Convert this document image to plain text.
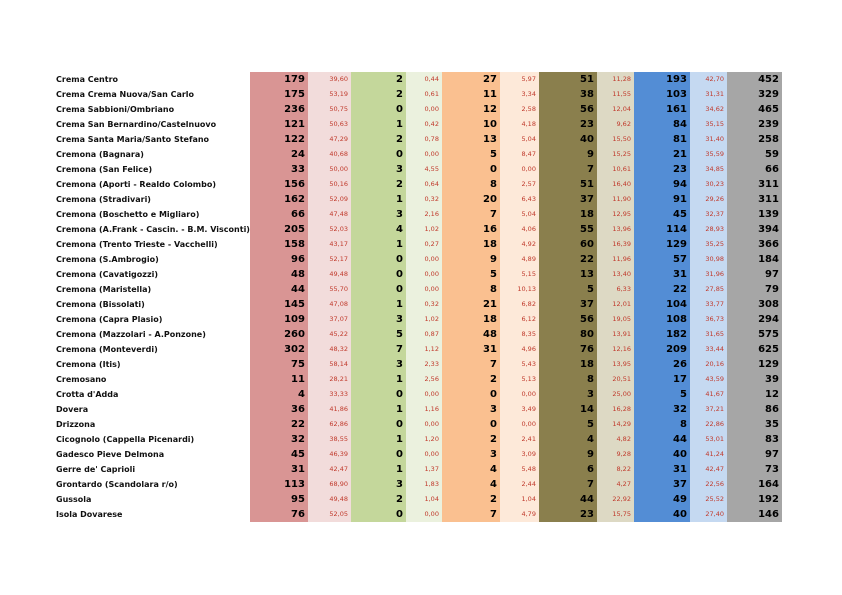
Crema Centro	179	39,60	2	0,44	27	5,97	51	11,28	193	42,70	452
Crema Crema Nuova/San Carlo	175	53,19	2	0,61	11	3,34	38	11,55	103	31,31	329
Crema Sabbioni/Ombriano	236	50,75	0	0,00	12	2,58	56	12,04	161	34,62	465
Crema San Bernardino/Castelnuovo	121	50,63	1	0,42	10	4,18	23	9,62	84	35,15	239
Crema Santa Maria/Santo Stefano	122	47,29	2	0,78	13	5,04	40	15,50	81	31,40	258
Cremona (Bagnara)	24	40,68	0	0,00	5	8,47	9	15,25	21	35,59	59
Cremona (San Felice)	33	50,00	3	4,55	0	0,00	7	10,61	23	34,85	66
Cremona (Aporti - Realdo Colombo)	156	50,16	2	0,64	8	2,57	51	16,40	94	30,23	311
Cremona (Stradivari)	162	52,09	1	0,32	20	6,43	37	11,90	91	29,26	311
Cremona (Boschetto e Migliaro)	66	47,48	3	2,16	7	5,04	18	12,95	45	32,37	139
Cremona (A.Frank - Cascin. - B.M. Visconti)	205	52,03	4	1,02	16	4,06	55	13,96	114	28,93	394
Cremona (Trento Trieste - Vacchelli)	158	43,17	1	0,27	18	4,92	60	16,39	129	35,25	366
Cremona (S.Ambrogio)	96	52,17	0	0,00	9	4,89	22	11,96	57	30,98	184
Cremona (Cavatigozzi)	48	49,48	0	0,00	5	5,15	13	13,40	31	31,96	97
Cremona (Maristella)	44	55,70	0	0,00	8	10,13	5	6,33	22	27,85	79
Cremona (Bissolati)	145	47,08	1	0,32	21	6,82	37	12,01	104	33,77	308
Cremona (Capra Plasio)	109	37,07	3	1,02	18	6,12	56	19,05	108	36,73	294
Cremona (Mazzolari - A.Ponzone)	260	45,22	5	0,87	48	8,35	80	13,91	182	31,65	575
Cremona (Monteverdi)	302	48,32	7	1,12	31	4,96	76	12,16	209	33,44	625
Cremona (Itis)	75	58,14	3	2,33	7	5,43	18	13,95	26	20,16	129
Cremosano	11	28,21	1	2,56	2	5,13	8	20,51	17	43,59	39
Crotta d'Adda	4	33,33	0	0,00	0	0,00	3	25,00	5	41,67	12
Dovera	36	41,86	1	1,16	3	3,49	14	16,28	32	37,21	86
Drizzona	22	62,86	0	0,00	0	0,00	5	14,29	8	22,86	35
Cicognolo (Cappella Picenardi)	32	38,55	1	1,20	2	2,41	4	4,82	44	53,01	83
Gadesco Pieve Delmona	45	46,39	0	0,00	3	3,09	9	9,28	40	41,24	97
Gerre de' Caprioli	31	42,47	1	1,37	4	5,48	6	8,22	31	42,47	73
Grontardo (Scandolara r/o)	113	68,90	3	1,83	4	2,44	7	4,27	37	22,56	164
Gussola	95	49,48	2	1,04	2	1,04	44	22,92	49	25,52	192
Isola Dovarese	76	52,05	0	0,00	7	4,79	23	15,75	40	27,40	146
